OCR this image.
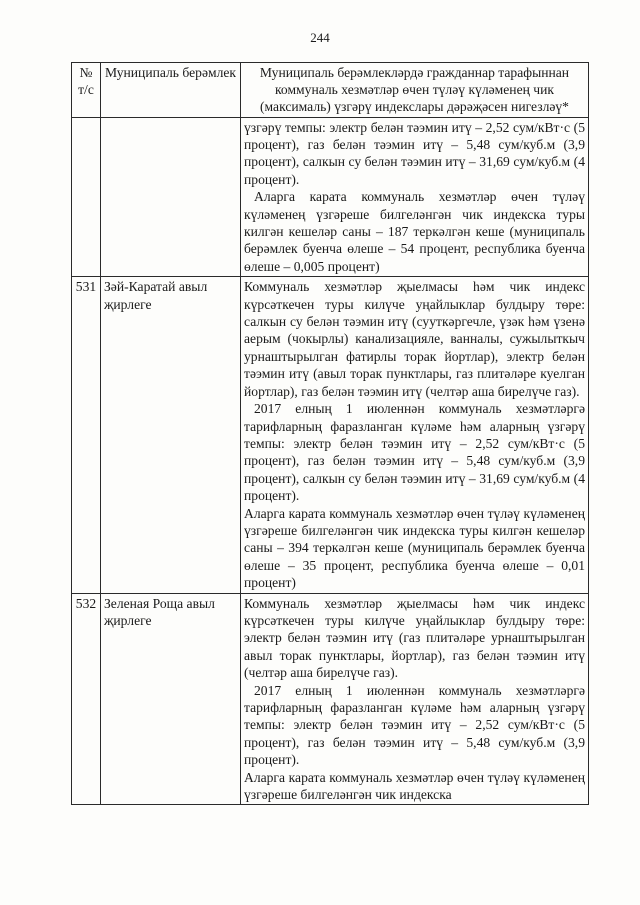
244
№ т/с	Муниципаль берәмлек	Муниципаль берәмлекләрдә гражданнар тарафыннан коммуналь хезмәтләр өчен түләү күләменең чик (максималь) үзгәрү индекслары дәрәҗәсен нигезләү*

		үзгәрү темпы: электр белән тәэмин итү – 2,52 сум/кВт·с (5 процент), газ белән тәэмин итү – 5,48 сум/куб.м (3,9 процент), салкын су белән тәэмин итү – 31,69 сум/куб.м (4 процент).

Аларга карата коммуналь хезмәтләр өчен түләү күләменең үзгәреше билгеләнгән чик индекска туры килгән кешеләр саны – 187 теркәлгән кеше (муниципаль берәмлек буенча өлеше – 54 процент, республика буенча өлеше – 0,005 процент)

531	Зәй-Каратай авыл җирлеге	Коммуналь хезмәтләр җыелмасы һәм чик индекс күрсәткечен туры килүче уңайлыклар булдыру төре: салкын су белән тәэмин итү (сууткәргечле, үзәк һәм үзенә аерым (чокырлы) канализацияле, ванналы, сужылыткыч урнаштырылган фатирлы торак йортлар), электр белән тәэмин итү (авыл торак пунктлары, газ плитәләре куелган йортлар), газ белән тәэмин итү (челтәр аша бирелүче газ).

2017 елның 1 июленнән коммуналь хезмәтләргә тарифларның фаразланган күләме һәм аларның үзгәрү темпы: электр белән тәэмин итү – 2,52 сум/кВт·с (5 процент), газ белән тәэмин итү – 5,48 сум/куб.м (3,9 процент), салкын су белән тәэмин итү – 31,69 сум/куб.м (4 процент).

Аларга карата коммуналь хезмәтләр өчен түләү күләменең үзгәреше билгеләнгән чик индекска туры килгән кешеләр саны – 394 теркәлгән кеше (муниципаль берәмлек буенча өлеше – 35 процент, республика буенча өлеше – 0,01 процент)

532	Зеленая Роща авыл җирлеге	Коммуналь хезмәтләр җыелмасы һәм чик индекс күрсәткечен туры килүче уңайлыклар булдыру төре: электр белән тәэмин итү (газ плитәләре урнаштырылган авыл торак пунктлары, йортлар), газ белән тәэмин итү (челтәр аша бирелүче газ).

2017 елның 1 июленнән коммуналь хезмәтләргә тарифларның фаразланган күләме һәм аларның үзгәрү темпы: электр белән тәэмин итү – 2,52 сум/кВт·с (5 процент), газ белән тәэмин итү – 5,48 сум/куб.м (3,9 процент).

Аларга карата коммуналь хезмәтләр өчен түләү күләменең үзгәреше билгеләнгән чик индекска
